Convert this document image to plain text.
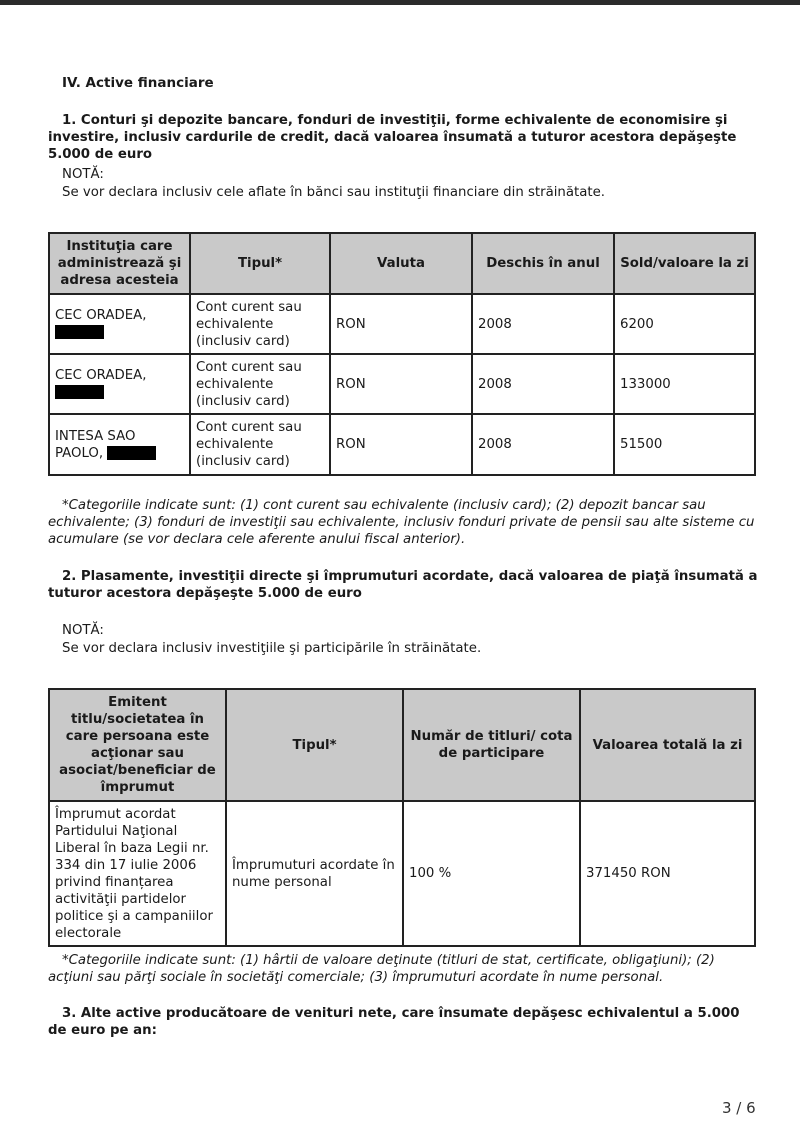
IV. Active financiare
1. Conturi şi depozite bancare, fonduri de investiţii, forme echivalente de economisire şi investire, inclusiv cardurile de credit, dacă valoarea însumată a tuturor acestora depăşeşte 5.000 de euro
NOTĂ:
Se vor declara inclusiv cele aflate în bănci sau instituţii financiare din străinătate.
Instituţia care administrează şi adresa acesteia	Tipul*	Valuta	Deschis în anul	Sold/valoare la zi
CEC ORADEA,	Cont curent sau echivalente (inclusiv card)	RON	2008	6200
CEC ORADEA,	Cont curent sau echivalente (inclusiv card)	RON	2008	133000
INTESA SAO PAOLO,	Cont curent sau echivalente (inclusiv card)	RON	2008	51500
*Categoriile indicate sunt: (1) cont curent sau echivalente (inclusiv card); (2) depozit bancar sau echivalente; (3) fonduri de investiţii sau echivalente, inclusiv fonduri private de pensii sau alte sisteme cu acumulare (se vor declara cele aferente anului fiscal anterior).
2. Plasamente, investiţii directe şi împrumuturi acordate, dacă valoarea de piaţă însumată a tuturor acestora depăşeşte 5.000 de euro
NOTĂ:
Se vor declara inclusiv investiţiile şi participările în străinătate.
Emitent titlu/societatea în care persoana este acţionar sau asociat/beneficiar de împrumut	Tipul*	Număr de titluri/ cota de participare	Valoarea totală la zi
Împrumut acordat Partidului Naţional Liberal în baza Legii nr. 334 din 17 iulie 2006 privind finanțarea activităţii partidelor politice şi a campaniilor electorale	Împrumuturi acordate în nume personal	100 %	371450 RON
*Categoriile indicate sunt: (1) hârtii de valoare deţinute (titluri de stat, certificate, obligaţiuni); (2) acţiuni sau părţi sociale în societăţi comerciale; (3) împrumuturi acordate în nume personal.
3. Alte active producătoare de venituri nete, care însumate depăşesc echivalentul a 5.000 de euro pe an:
3 / 6
